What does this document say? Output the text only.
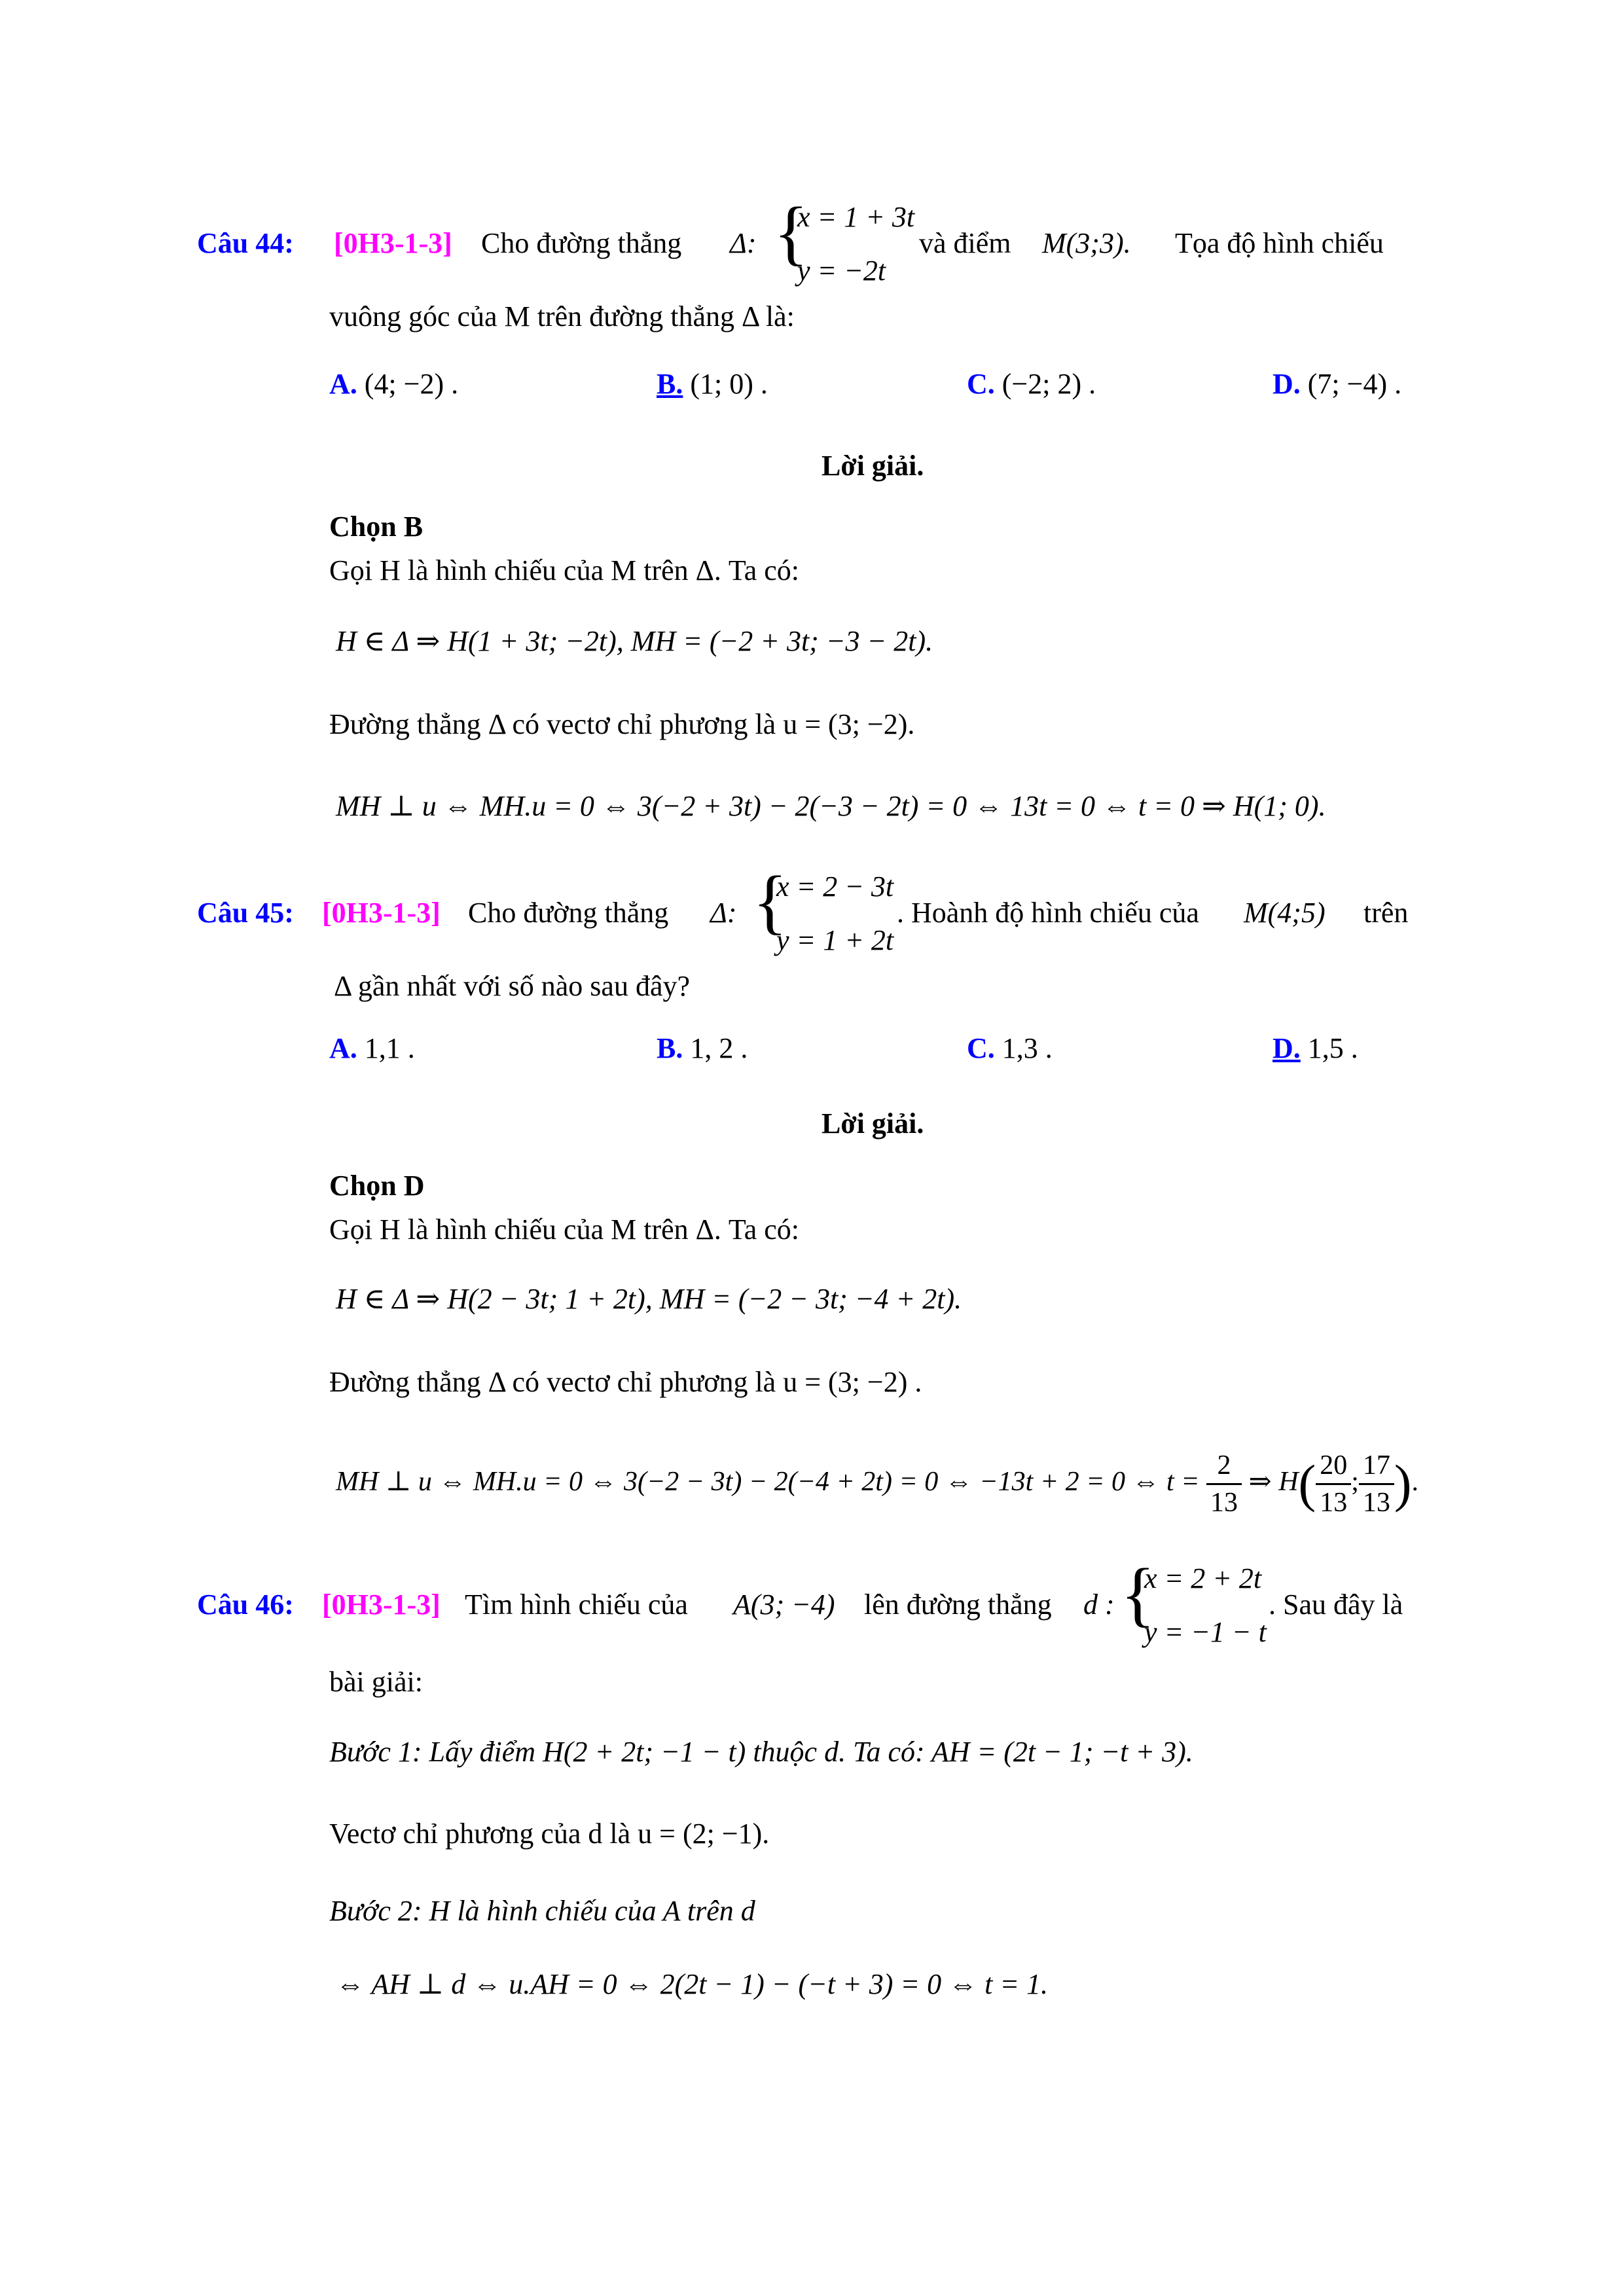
Câu 44: [0H3-1-3] Cho đường thẳng Δ: {
x = 1 + 3t
y = −2t
và điểm M(3;3). Tọa độ hình chiếu
vuông góc của M trên đường thẳng Δ là:
A. (4; −2) .	B. (1; 0) .	C. (−2; 2) .	D. (7; −4) .
Lời giải.
Chọn B
Gọi H là hình chiếu của M trên Δ. Ta có:
H ∈ Δ ⇒ H(1 + 3t; −2t), MH = (−2 + 3t; −3 − 2t).
Đường thẳng Δ có vectơ chỉ phương là u = (3; −2).
MH ⊥ u ⇔ MH.u = 0 ⇔ 3(−2 + 3t) − 2(−3 − 2t) = 0 ⇔ 13t = 0 ⇔ t = 0 ⇒ H(1; 0).
Câu 45: [0H3-1-3] Cho đường thẳng Δ: {
x = 2 − 3t
y = 1 + 2t
. Hoành độ hình chiếu của M(4;5) trên
Δ gần nhất với số nào sau đây?
A. 1,1 .	B. 1, 2 .	C. 1,3 .	D. 1,5 .
Lời giải.
Chọn D
Gọi H là hình chiếu của M trên Δ. Ta có:
H ∈ Δ ⇒ H(2 − 3t; 1 + 2t), MH = (−2 − 3t; −4 + 2t).
Đường thẳng Δ có vectơ chỉ phương là u = (3; −2) .
MH ⊥ u ⇔ MH.u = 0 ⇔ 3(−2 − 3t) − 2(−4 + 2t) = 0 ⇔ −13t + 2 = 0 ⇔ $t = \frac{2}{13}$ ⇒ $H( \frac{20}{13}$ ; $\frac{17}{13}$ ).
Câu 46: [0H3-1-3] Tìm hình chiếu của A(3; −4) lên đường thẳng d : {
x = 2 + 2t
y = −1 − t
. Sau đây là
bài giải:
Bước 1: Lấy điểm H(2 + 2t; −1 − t) thuộc d. Ta có: AH = (2t − 1; −t + 3).
Vectơ chỉ phương của d là u = (2; −1).
Bước 2: H là hình chiếu của A trên d
⇔ AH ⊥ d ⇔ u.AH = 0 ⇔ 2(2t − 1) − (−t + 3) = 0 ⇔ t = 1.
